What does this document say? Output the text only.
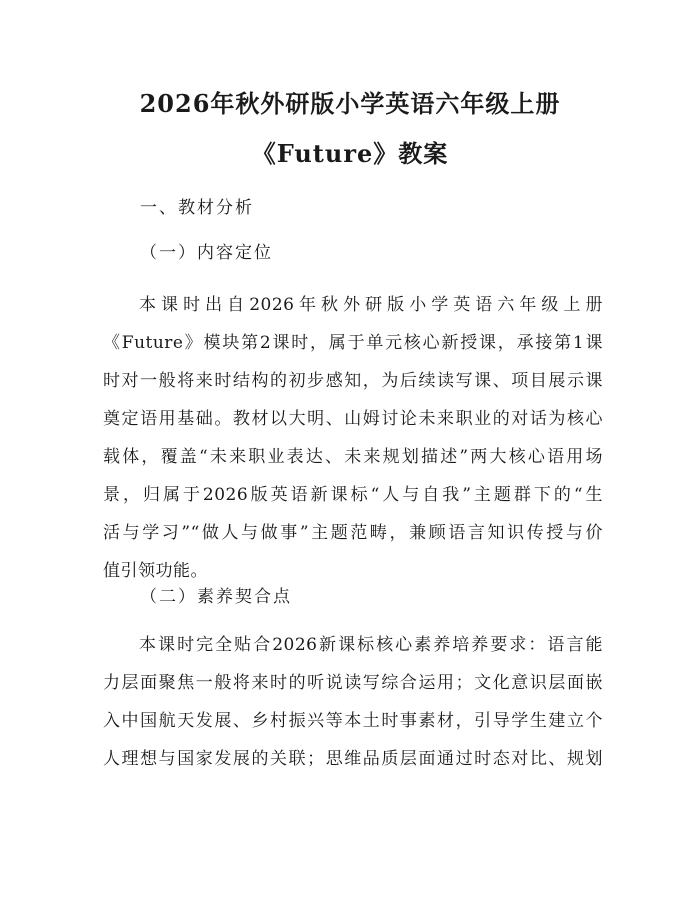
2026年秋外研版小学英语六年级上册
《Future》教案
一、教材分析
（一）内容定位

本课时出自2026年秋外研版小学英语六年级上册
《Future》模块第2课时，属于单元核心新授课，承接第1课
时对一般将来时结构的初步感知，为后续读写课、项目展示课
奠定语用基础。教材以大明、山姆讨论未来职业的对话为核心
载体，覆盖“未来职业表达、未来规划描述”两大核心语用场
景，归属于2026版英语新课标“人与自我”主题群下的“生
活与学习”“做人与做事”主题范畴，兼顾语言知识传授与价
值引领功能。

（二）素养契合点

本课时完全贴合2026新课标核心素养培养要求：语言能
力层面聚焦一般将来时的听说读写综合运用；文化意识层面嵌
入中国航天发展、乡村振兴等本土时事素材，引导学生建立个
人理想与国家发展的关联；思维品质层面通过时态对比、规划
